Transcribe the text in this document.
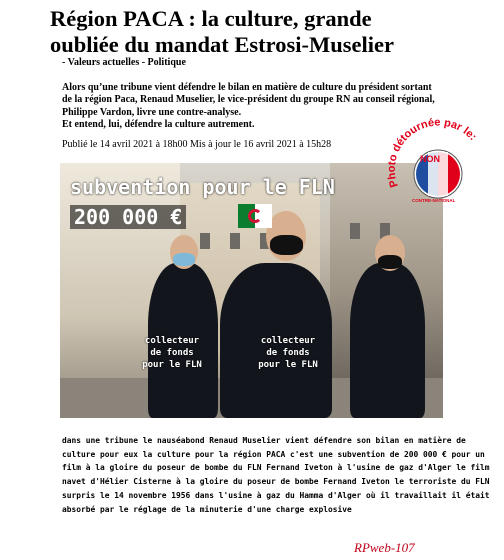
Région PACA : la culture, grande
oubliée du mandat Estrosi-Muselier
- Valeurs actuelles - Politique
Alors qu’une tribune vient défendre le bilan en matière de culture du président sortant
de la région Paca, Renaud Muselier, le vice-président du groupe RN au conseil régional,
Philippe Vardon, livre une contre-analyse.
Et entend, lui, défendre la culture autrement.
Publié le 14 avril 2021 à 18h00 Mis à jour le 16 avril 2021 à 15h28
subvention pour le FLN
200 000 €
collecteur
de fonds
pour le FLN
collecteur
de fonds
pour le FLN
Photo détournée par le:
NON
CONTRE-NATIONAL
dans une tribune le nauséabond Renaud Muselier vient défendre son bilan en matière de
culture pour eux la culture pour la région PACA c'est une subvention de 200 000 € pour un
film à la gloire du poseur de bombe du FLN Fernand Iveton à l'usine de gaz d'Alger le film
navet d'Hélier Cisterne à la gloire du poseur de bombe Fernand Iveton le terroriste du FLN
surpris le 14 novembre 1956 dans l'usine à gaz du Hamma d'Alger où il travaillait il était
absorbé par le réglage de la minuterie d'une charge explosive
RPweb-107
